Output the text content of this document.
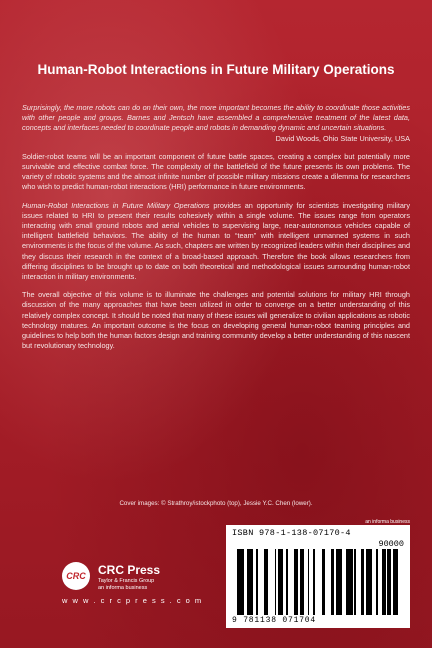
Human-Robot Interactions in Future Military Operations

Surprisingly, the more robots can do on their own, the more important becomes the ability to coordinate those activities with other people and groups. Barnes and Jentsch have assembled a comprehensive treatment of the latest data, concepts and interfaces needed to coordinate people and robots in demanding dynamic and uncertain situations.
David Woods, Ohio State University, USA

Soldier-robot teams will be an important component of future battle spaces, creating a complex but potentially more survivable and effective combat force. The complexity of the battlefield of the future presents its own problems. The variety of robotic systems and the almost infinite number of possible military missions create a dilemma for researchers who wish to predict human-robot interactions (HRI) performance in future environments.

Human-Robot Interactions in Future Military Operations provides an opportunity for scientists investigating military issues related to HRI to present their results cohesively within a single volume. The issues range from operators interacting with small ground robots and aerial vehicles to supervising large, near-autonomous vehicles capable of intelligent battlefield behaviors. The ability of the human to “team” with intelligent unmanned systems in such environments is the focus of the volume. As such, chapters are written by recognized leaders within their disciplines and they discuss their research in the context of a broad-based approach. Therefore the book allows researchers from differing disciplines to be brought up to date on both theoretical and methodological issues surrounding human-robot interaction in military environments.

The overall objective of this volume is to illuminate the challenges and potential solutions for military HRI through discussion of the many approaches that have been utilized in order to converge on a better understanding of this relatively complex concept. It should be noted that many of these issues will generalize to civilian applications as robotic technology matures. An important outcome is the focus on developing general human-robot teaming principles and guidelines to help both the human factors design and training community develop a better understanding of this nascent but revolutionary technology.

Cover images: © Strathroy/istockphoto (top), Jessie Y.C. Chen (lower).
an informa business
CRC	CRC Press
Taylor & Francis Group
an informa business
w w w . c r c p r e s s . c o m
ISBN 978-1-138-07170-4
90000
9 781138 071704
